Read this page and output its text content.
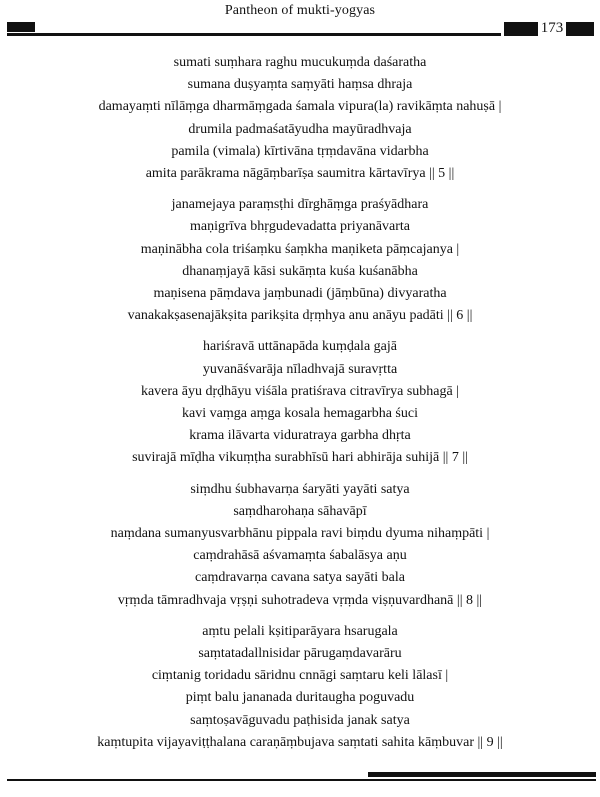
Pantheon of mukti-yogyas
173
sumati suṃhara raghu mucukuṃda daśaratha
sumana duṣyaṃta saṃyāti haṃsa dhraja
damayaṃti nīlāṃga dharmāṃgada śamala vipura(la) ravikāṃta nahuṣā |
drumila padmaśatāyudha mayūradhvaja
pamila (vimala) kīrtivāna tṛṃdavāna vidarbha
amita parākrama nāgāṃbarīṣa saumitra kārtavīrya || 5 ||
janamejaya paraṃsṭhi dīrghāṃga praśyādhara
maṇigrīva bhṛgudevadatta priyanāvarta
maṇinābha cola triśaṃku śaṃkha maṇiketa pāṃcajanya |
dhanaṃjayā kāsi sukāṃta kuśa kuśanābha
maṇisena pāṃdava jaṃbunadi (jāṃbūna) divyaratha
vanakakṣasenajākṣita parikṣita dṛṃhya anu anāyu padāti || 6 ||
hariśravā uttānapāda kuṃḍala gajā
yuvanāśvarāja nīladhvajā suravṛtta
kavera āyu dṛḍhāyu viśāla pratiśrava citravīrya subhagā |
kavi vaṃga aṃga kosala hemagarbha śuci
krama ilāvarta viduratraya garbha dhṛta
suvirajā mīḍha vikuṃṭha surabhīsū hari abhirāja suhijā || 7 ||
siṃdhu śubhavarṇa śaryāti yayāti satya
saṃdharohaṇa sāhavāpī
naṃdana sumanyusvarbhānu pippala ravi biṃdu dyuma nihaṃpāti |
caṃdrahāsā aśvamaṃta śabalāsya aṇu
caṃdravarṇa cavana satya sayāti bala
vṛṃda tāmradhvaja vṛṣṇi suhotradeva vṛṃda viṣṇuvardhanā || 8 ||
aṃtu pelali kṣitiparāyara hsarugala
saṃtatadallnisidar pārugaṃdavarāru
ciṃtanig toridadu sāridnu cnnāgi saṃtaru keli lālasī |
piṃt balu jananada duritaugha poguvadu
saṃtoṣavāguvadu paṭhisida janak satya
kaṃtupita vijayaviṭṭhalana caraṇāṃbujava saṃtati sahita kāṃbuvar || 9 ||
